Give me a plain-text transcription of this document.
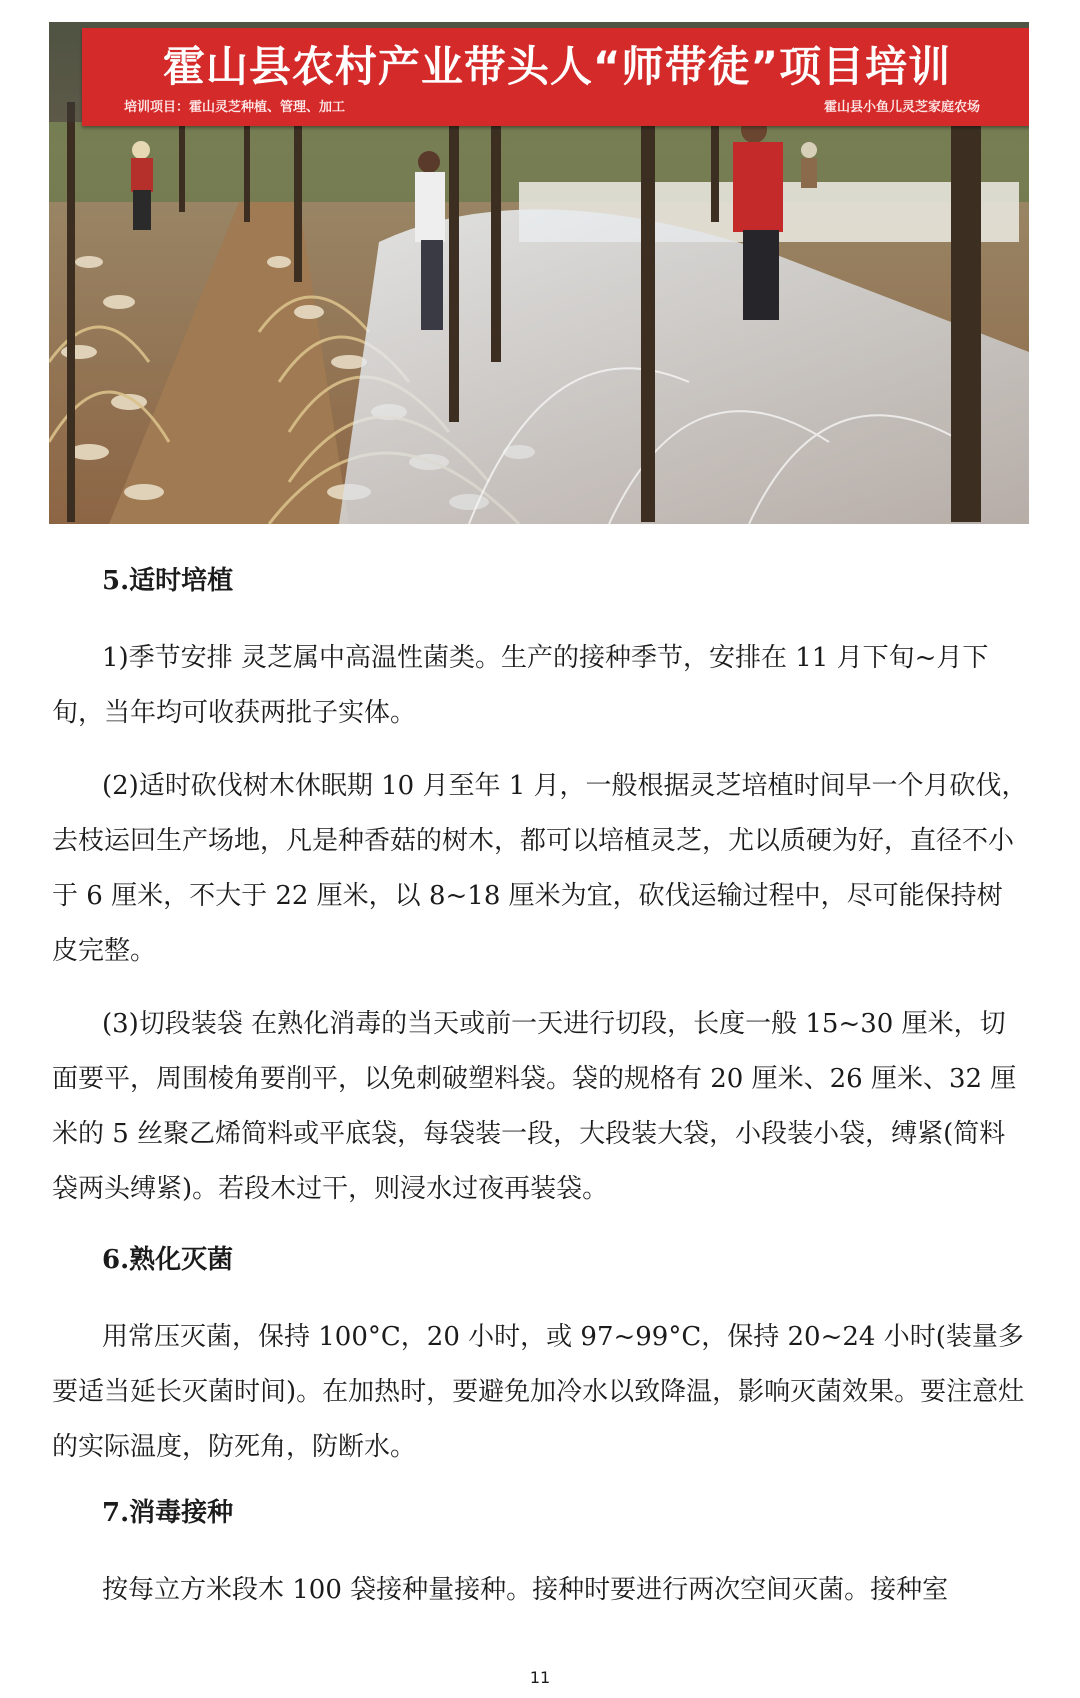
霍山县农村产业带头人“师带徒”项目培训
培训项目：霍山灵芝种植、管理、加工	霍山县小鱼儿灵芝家庭农场

5.适时培植

1)季节安排 灵芝属中高温性菌类。生产的接种季节，安排在 11 月下旬~月下旬，当年均可收获两批子实体。

(2)适时砍伐树木休眠期 10 月至年 1 月，一般根据灵芝培植时间早一个月砍伐，去枝运回生产场地，凡是种香菇的树木，都可以培植灵芝，尤以质硬为好，直径不小于 6 厘米，不大于 22 厘米，以 8~18 厘米为宜，砍伐运输过程中，尽可能保持树皮完整。

(3)切段装袋 在熟化消毒的当天或前一天进行切段，长度一般 15~30 厘米，切面要平，周围棱角要削平，以免刺破塑料袋。袋的规格有 20 厘米、26 厘米、32 厘米的 5 丝聚乙烯简料或平底袋，每袋装一段，大段装大袋，小段装小袋，缚紧(简料袋两头缚紧)。若段木过干，则浸水过夜再装袋。

6.熟化灭菌

用常压灭菌，保持 100°C，20 小时，或 97~99°C，保持 20~24 小时(装量多要适当延长灭菌时间)。在加热时，要避免加冷水以致降温，影响灭菌效果。要注意灶的实际温度，防死角，防断水。

7.消毒接种

按每立方米段木 100 袋接种量接种。接种时要进行两次空间灭菌。接种室

11
